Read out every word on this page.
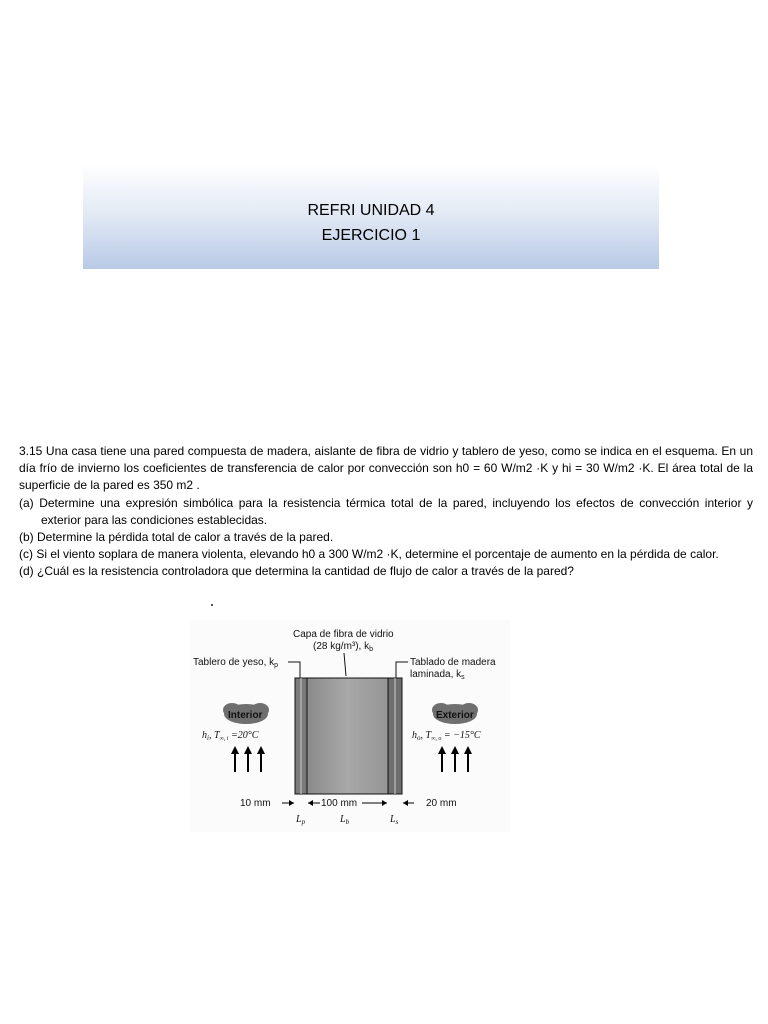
REFRI UNIDAD 4
EJERCICIO 1

3.15 Una casa tiene una pared compuesta de madera, aislante de fibra de vidrio y tablero de yeso, como se indica en el esquema. En un día frío de invierno los coeficientes de transferencia de calor por convección son h0 = 60 W/m2 ·K y hi = 30 W/m2 ·K. El área total de la superficie de la pared es 350 m2 .

(a) Determine una expresión simbólica para la resistencia térmica total de la pared, incluyendo los efectos de convección interior y exterior para las condiciones establecidas.

(b) Determine la pérdida total de calor a través de la pared.

(c) Si el viento soplara de manera violenta, elevando h0 a 300 W/m2 ·K, determine el porcentaje de aumento en la pérdida de calor.

(d) ¿Cuál es la resistencia controladora que determina la cantidad de flujo de calor a través de la pared?

Capa de fibra de vidrio
(28 kg/m³), $k_b$
Tablero de yeso, $k_p$	Tablado de madera
laminada, $k_s$
Interior	Exterior
$h_i$, $T_{\infty, i} =20^\circ C$	$h_o$, $T_{\infty, o} = -15^\circ C$
10 mm	100 mm	20 mm
$L_p$	$L_b$	$L_s$
